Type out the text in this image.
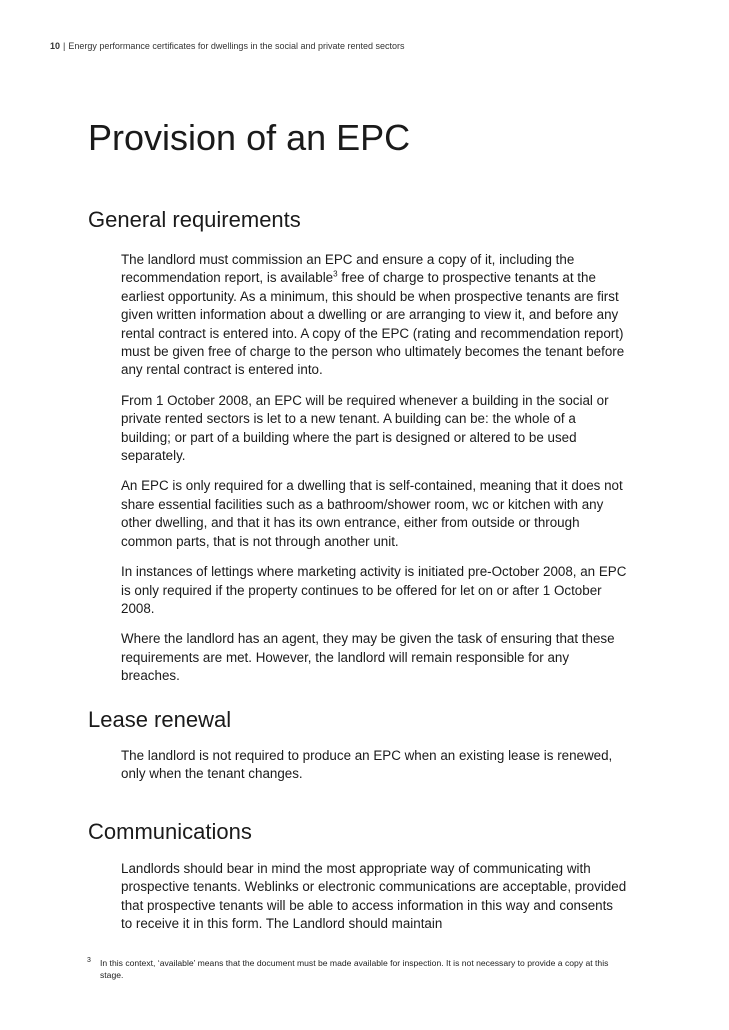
10 | Energy performance certificates for dwellings in the social and private rented sectors
Provision of an EPC
General requirements

The landlord must commission an EPC and ensure a copy of it, including the recommendation report, is available$^3$ free of charge to prospective tenants at the earliest opportunity. As a minimum, this should be when prospective tenants are first given written information about a dwelling or are arranging to view it, and before any rental contract is entered into. A copy of the EPC (rating and recommendation report) must be given free of charge to the person who ultimately becomes the tenant before any rental contract is entered into.

From 1 October 2008, an EPC will be required whenever a building in the social or private rented sectors is let to a new tenant. A building can be: the whole of a building; or part of a building where the part is designed or altered to be used separately.

An EPC is only required for a dwelling that is self-contained, meaning that it does not share essential facilities such as a bathroom/shower room, wc or kitchen with any other dwelling, and that it has its own entrance, either from outside or through common parts, that is not through another unit.

In instances of lettings where marketing activity is initiated pre-October 2008, an EPC is only required if the property continues to be offered for let on or after 1 October 2008.

Where the landlord has an agent, they may be given the task of ensuring that these requirements are met. However, the landlord will remain responsible for any breaches.

Lease renewal

The landlord is not required to produce an EPC when an existing lease is renewed, only when the tenant changes.

Communications

Landlords should bear in mind the most appropriate way of communicating with prospective tenants. Weblinks or electronic communications are acceptable, provided that prospective tenants will be able to access information in this way and consents to receive it in this form. The Landlord should maintain

3	In this context, ‘available’ means that the document must be made available for inspection. It is not necessary to provide a copy at this stage.
